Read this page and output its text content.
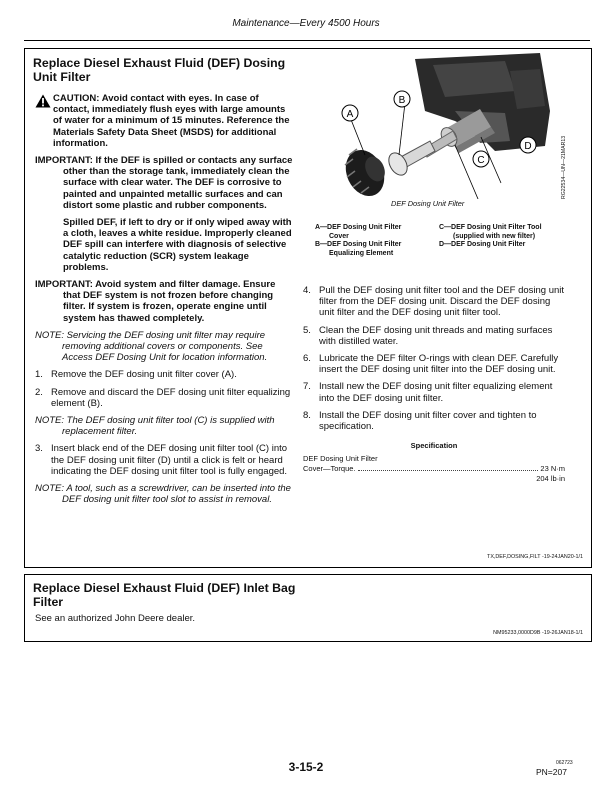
Maintenance—Every 4500 Hours
Replace Diesel Exhaust Fluid (DEF) Dosing
Unit Filter
CAUTION: Avoid contact with eyes. In case of contact, immediately flush eyes with large amounts of water for a minimum of 15 minutes. Reference the Materials Safety Data Sheet (MSDS) for additional information.
IMPORTANT: If the DEF is spilled or contacts any surface other than the storage tank, immediately clean the surface with clear water. The DEF is corrosive to painted and unpainted metallic surfaces and can distort some plastic and rubber components.
Spilled DEF, if left to dry or if only wiped away with a cloth, leaves a white residue. Improperly cleaned DEF spill can interfere with diagnosis of selective catalytic reduction (SCR) system leakage problems.
IMPORTANT: Avoid system and filter damage. Ensure that DEF system is not frozen before changing filter. If system is frozen, operate engine until system has thawed completely.
NOTE: Servicing the DEF dosing unit filter may require removing additional covers or components. See Access DEF Dosing Unit for location information.
1. Remove the DEF dosing unit filter cover (A).
2. Remove and discard the DEF dosing unit filter equalizing element (B).
NOTE: The DEF dosing unit filter tool (C) is supplied with replacement filter.
3. Insert black end of the DEF dosing unit filter tool (C) into the DEF dosing unit filter (D) until a click is felt or heard indicating the DEF dosing unit filter tool is fully engaged.
NOTE: A tool, such as a screwdriver, can be inserted into the DEF dosing unit filter tool slot to assist in removal.
A
B
C
D	RG22534—UN—21MAR13
DEF Dosing Unit Filter
A—DEF Dosing Unit Filter
Cover
B—DEF Dosing Unit Filter
Equalizing Element
C—DEF Dosing Unit Filter Tool
(supplied with new filter)
D—DEF Dosing Unit Filter
4. Pull the DEF dosing unit filter tool and the DEF dosing unit filter from the DEF dosing unit. Discard the DEF dosing unit filter and the DEF dosing unit filter tool.
5. Clean the DEF dosing unit threads and mating surfaces with distilled water.
6. Lubricate the DEF filter O-rings with clean DEF. Carefully insert the DEF dosing unit filter into the DEF dosing unit.
7. Install new the DEF dosing unit filter equalizing element into the DEF dosing unit filter.
8. Install the DEF dosing unit filter cover and tighten to specification.
Specification
DEF Dosing Unit Filter
Cover—Torque.	23 N·m
204 lb·in
TX,DEF,DOSING,FILT -19-24JAN20-1/1
Replace Diesel Exhaust Fluid (DEF) Inlet Bag
Filter
See an authorized John Deere dealer.
NM95233,0000D9B -19-26JAN18-1/1
3-15-2	062723
PN=207
